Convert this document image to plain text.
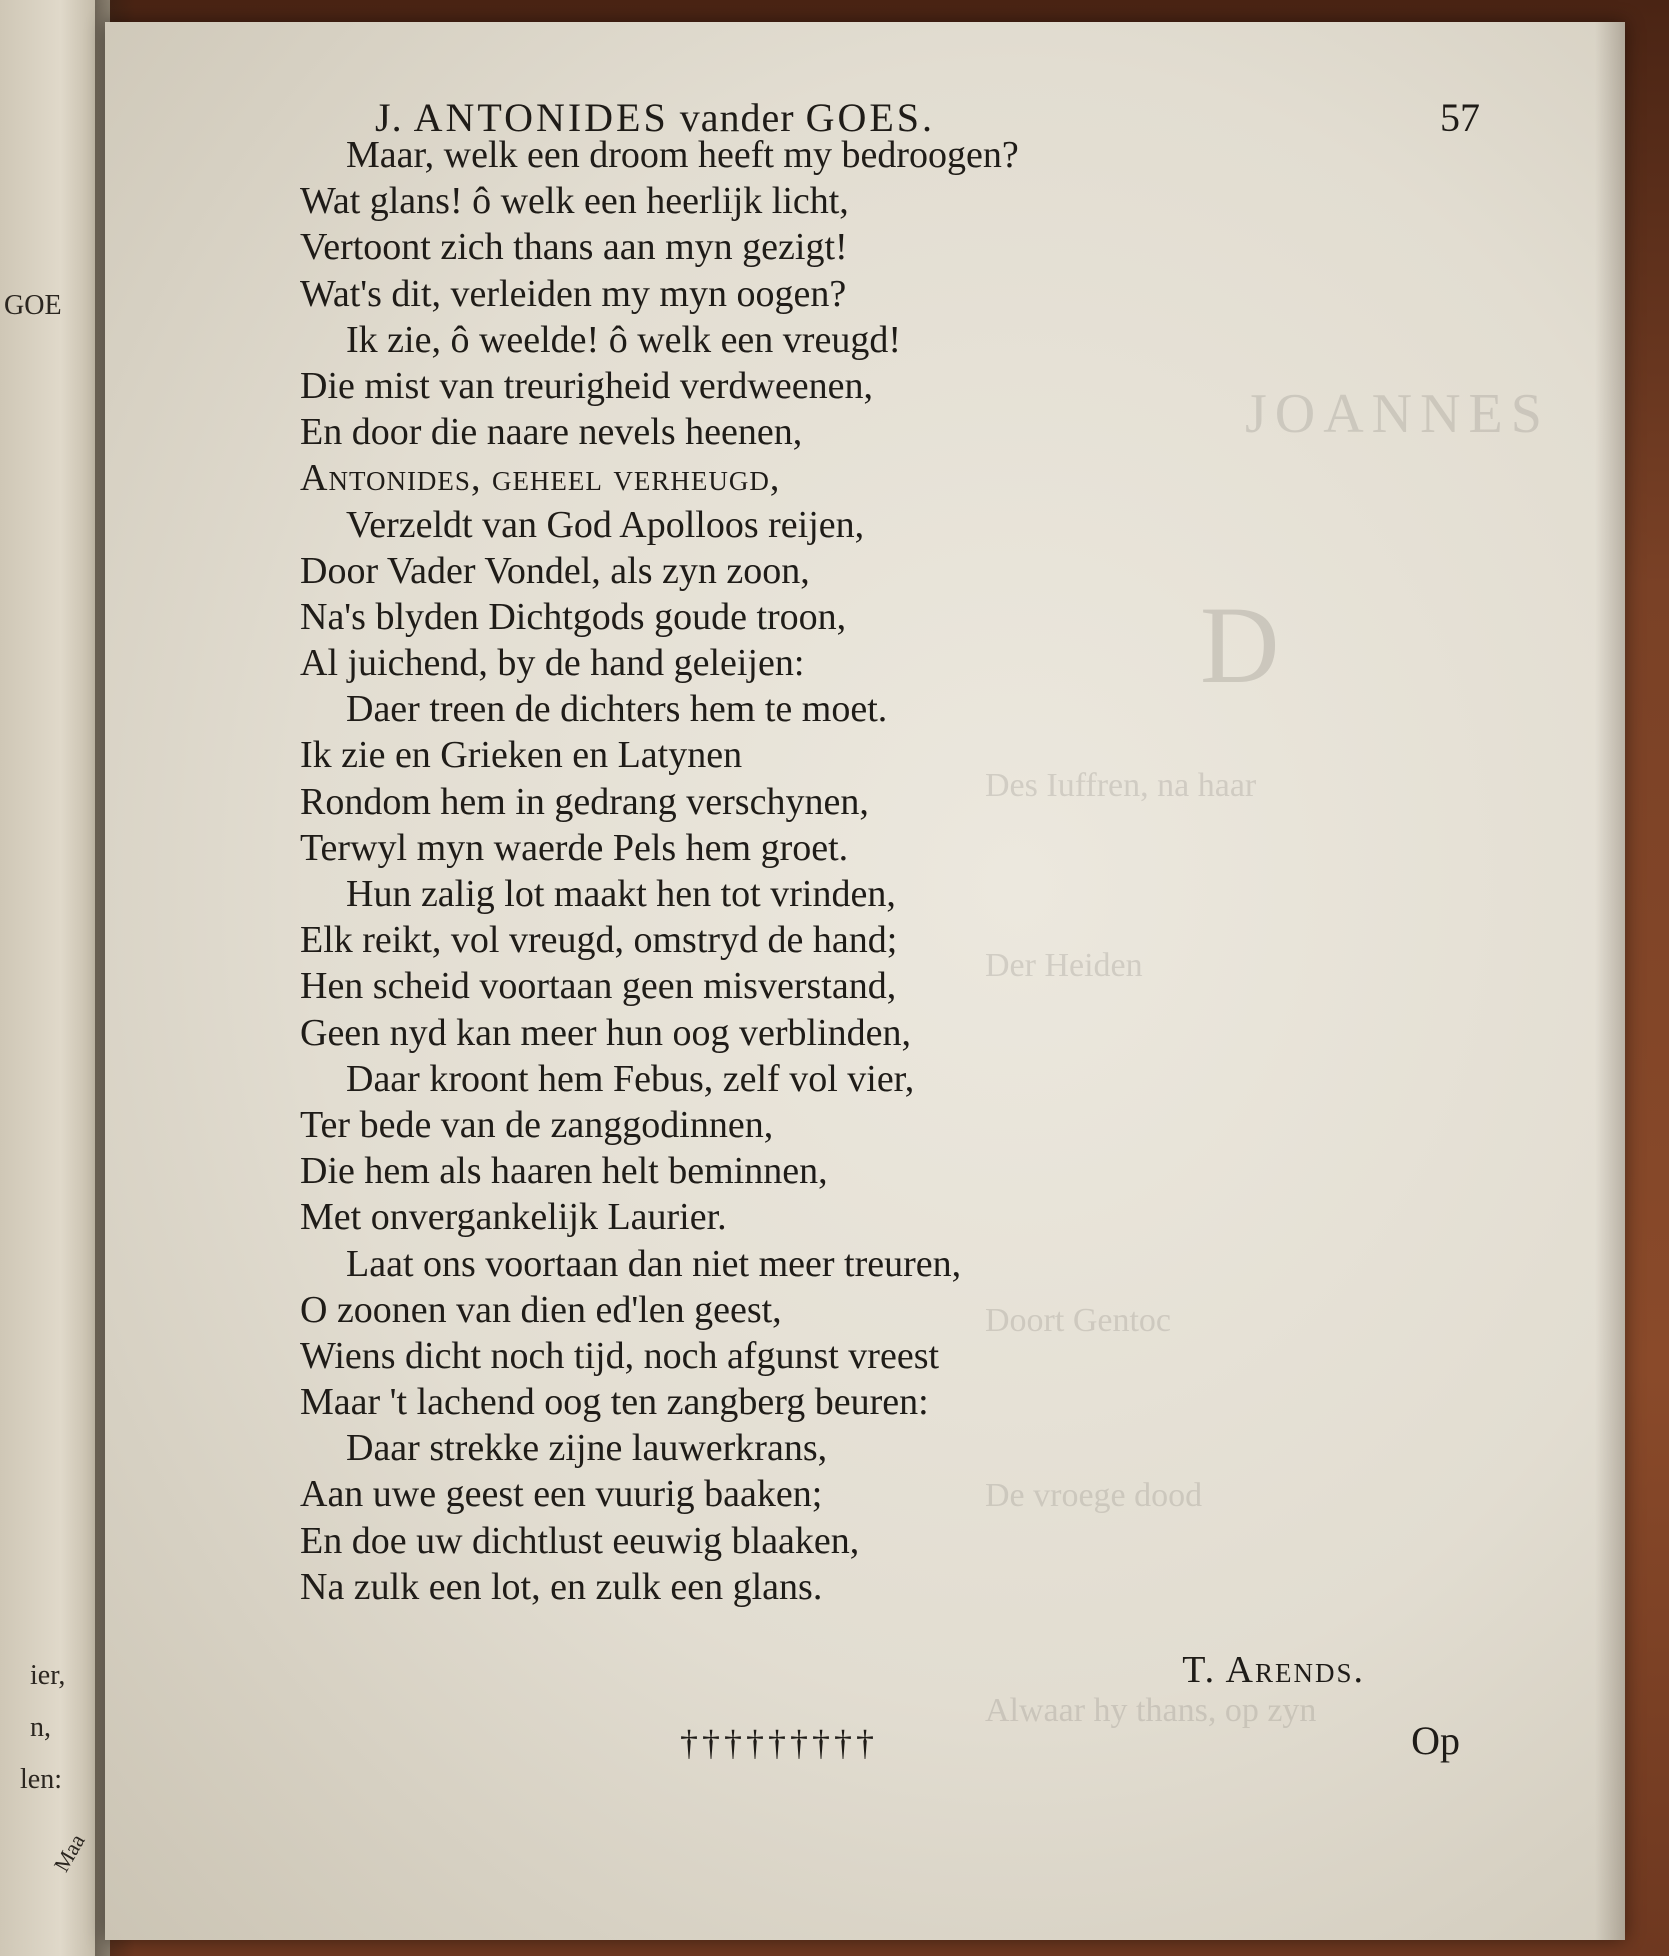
GOE
ier,
n,
len:
Maa
D
JOANNES
Des Iuffren, na haar
Der Heiden
Doort Gentoc
De vroege dood
Alwaar hy thans, op zyn
J. ANTONIDES vander GOES.	57
Maar, welk een droom heeft my bedroogen?
Wat glans! ô welk een heerlijk licht,
Vertoont zich thans aan myn gezigt!
Wat's dit, verleiden my myn oogen?
Ik zie, ô weelde! ô welk een vreugd!
Die mist van treurigheid verdweenen,
En door die naare nevels heenen,
Antonides, geheel verheugd,
Verzeldt van God Apolloos reijen,
Door Vader Vondel, als zyn zoon,
Na's blyden Dichtgods goude troon,
Al juichend, by de hand geleijen:
Daer treen de dichters hem te moet.
Ik zie en Grieken en Latynen
Rondom hem in gedrang verschynen,
Terwyl myn waerde Pels hem groet.
Hun zalig lot maakt hen tot vrinden,
Elk reikt, vol vreugd, omstryd de hand;
Hen scheid voortaan geen misverstand,
Geen nyd kan meer hun oog verblinden,
Daar kroont hem Febus, zelf vol vier,
Ter bede van de zanggodinnen,
Die hem als haaren helt beminnen,
Met onvergankelijk Laurier.
Laat ons voortaan dan niet meer treuren,
O zoonen van dien ed'len geest,
Wiens dicht noch tijd, noch afgunst vreest
Maar 't lachend oog ten zangberg beuren:
Daar strekke zijne lauwerkrans,
Aan uwe geest een vuurig baaken;
En doe uw dichtlust eeuwig blaaken,
Na zulk een lot, en zulk een glans.
T. Arends.
†††††††††	Op
